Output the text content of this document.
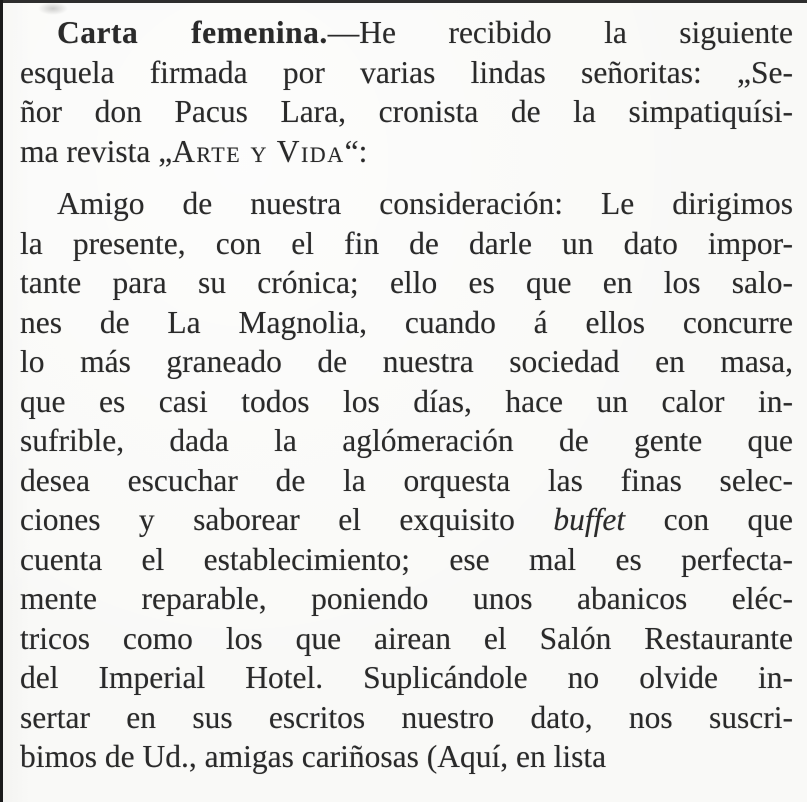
Carta femenina.—He recibido la siguiente
esquela firmada por varias lindas señoritas: „Se-
ñor don Pacus Lara, cronista de la simpatiquísi-
ma revista „Arte y Vida“:
Amigo de nuestra consideración: Le dirigimos
la presente, con el fin de darle un dato impor-
tante para su crónica; ello es que en los salo-
nes de La Magnolia, cuando á ellos concurre
lo más graneado de nuestra sociedad en masa,
que es casi todos los días, hace un calor in-
sufrible, dada la aglómeración de gente que
desea escuchar de la orquesta las finas selec-
ciones y saborear el exquisito buffet con que
cuenta el establecimiento; ese mal es perfecta-
mente reparable, poniendo unos abanicos eléc-
tricos como los que airean el Salón Restaurante
del Imperial Hotel. Suplicándole no olvide in-
sertar en sus escritos nuestro dato, nos suscri-
bimos de Ud., amigas cariñosas (Aquí, en lista
